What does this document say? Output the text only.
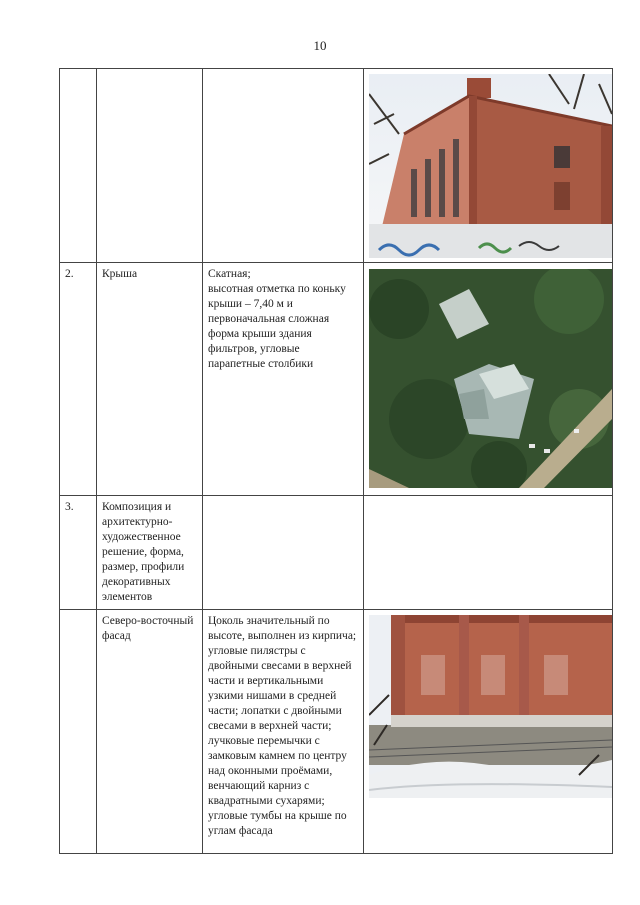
10

2.	Крыша	Скатная;
высотная отметка по коньку крыши – 7,40 м и первоначальная сложная форма крыши здания фильтров, угловые парапетные столбики	

3.	Композиция и архитектурно-художественное решение, форма, размер, профили декоративных элементов		
	Северо-восточный фасад	Цоколь значительный по высоте, выполнен из кирпича; угловые пилястры с двойными свесами в верхней части и вертикальными узкими нишами в средней части; лопатки с двойными свесами в верхней части; лучковые перемычки с замковым камнем по центру над оконными проёмами, венчающий карниз с квадратными сухарями; угловые тумбы на крыше по углам фасада	
